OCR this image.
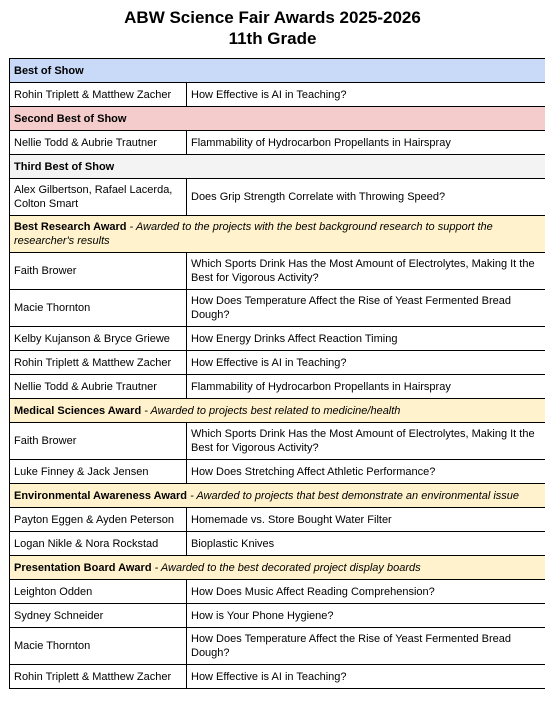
ABW Science Fair Awards 2025-2026
11th Grade
Best of Show	
Rohin Triplett & Matthew Zacher	How Effective is AI in Teaching?
Second Best of Show	
Nellie Todd & Aubrie Trautner	Flammability of Hydrocarbon Propellants in Hairspray
Third Best of Show	
Alex Gilbertson, Rafael Lacerda, Colton Smart	Does Grip Strength Correlate with Throwing Speed?
Best Research Award - Awarded to the projects with the best background research to support the researcher's results	
Faith Brower	Which Sports Drink Has the Most Amount of Electrolytes, Making It the Best for Vigorous Activity?
Macie Thornton	How Does Temperature Affect the Rise of Yeast Fermented Bread Dough?
Kelby Kujanson & Bryce Griewe	How Energy Drinks Affect Reaction Timing
Rohin Triplett & Matthew Zacher	How Effective is AI in Teaching?
Nellie Todd & Aubrie Trautner	Flammability of Hydrocarbon Propellants in Hairspray
Medical Sciences Award - Awarded to projects best related to medicine/health	
Faith Brower	Which Sports Drink Has the Most Amount of Electrolytes, Making It the Best for Vigorous Activity?
Luke Finney & Jack Jensen	How Does Stretching Affect Athletic Performance?
Environmental Awareness Award - Awarded to projects that best demonstrate an environmental issue	
Payton Eggen & Ayden Peterson	Homemade vs. Store Bought Water Filter
Logan Nikle & Nora Rockstad	Bioplastic Knives
Presentation Board Award - Awarded to the best decorated project display boards	
Leighton Odden	How Does Music Affect Reading Comprehension?
Sydney Schneider	How is Your Phone Hygiene?
Macie Thornton	How Does Temperature Affect the Rise of Yeast Fermented Bread Dough?
Rohin Triplett & Matthew Zacher	How Effective is AI in Teaching?
